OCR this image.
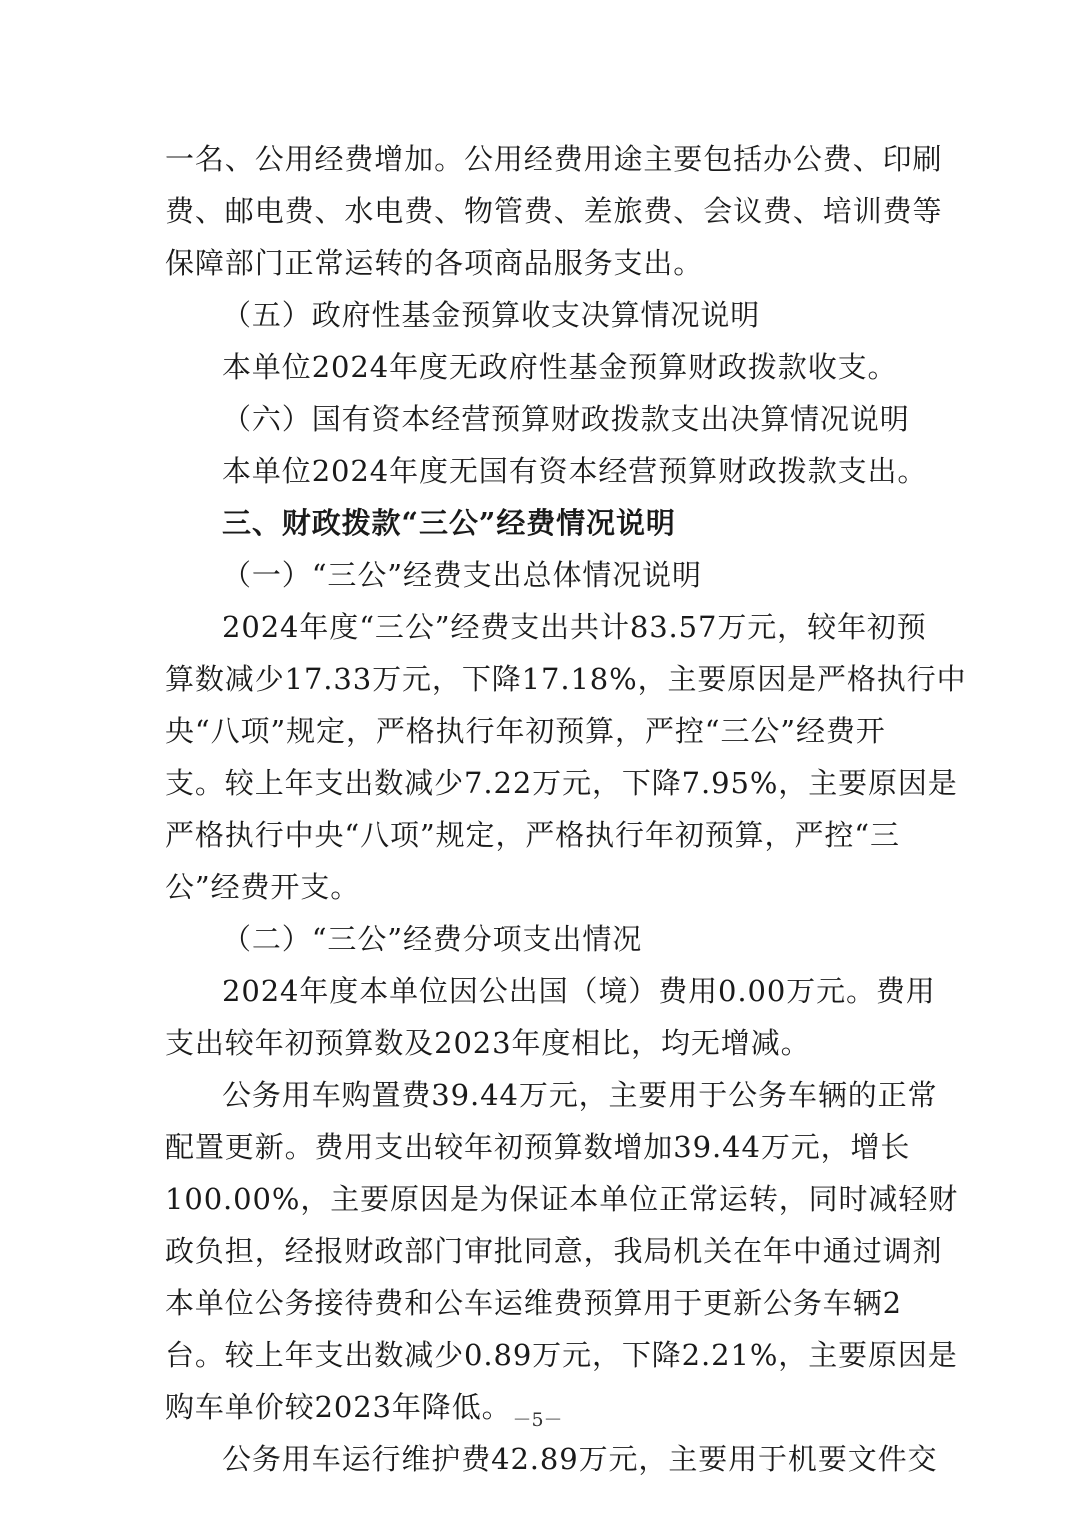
一名、公用经费增加。公用经费用途主要包括办公费、印刷
费、邮电费、水电费、物管费、差旅费、会议费、培训费等
保障部门正常运转的各项商品服务支出。
（五）政府性基金预算收支决算情况说明
本单位2024年度无政府性基金预算财政拨款收支。
（六）国有资本经营预算财政拨款支出决算情况说明
本单位2024年度无国有资本经营预算财政拨款支出。
三、财政拨款“三公”经费情况说明
（一）“三公”经费支出总体情况说明
2024年度“三公”经费支出共计83.57万元，较年初预
算数减少17.33万元，下降17.18%，主要原因是严格执行中
央“八项”规定，严格执行年初预算，严控“三公”经费开
支。较上年支出数减少7.22万元，下降7.95%，主要原因是
严格执行中央“八项”规定，严格执行年初预算，严控“三
公”经费开支。
（二）“三公”经费分项支出情况
2024年度本单位因公出国（境）费用0.00万元。费用
支出较年初预算数及2023年度相比，均无增减。
公务用车购置费39.44万元，主要用于公务车辆的正常
配置更新。费用支出较年初预算数增加39.44万元，增长
100.00%，主要原因是为保证本单位正常运转，同时减轻财
政负担，经报财政部门审批同意，我局机关在年中通过调剂
本单位公务接待费和公车运维费预算用于更新公务车辆2
台。较上年支出数减少0.89万元，下降2.21%，主要原因是
购车单价较2023年降低。
公务用车运行维护费42.89万元，主要用于机要文件交
－5－
